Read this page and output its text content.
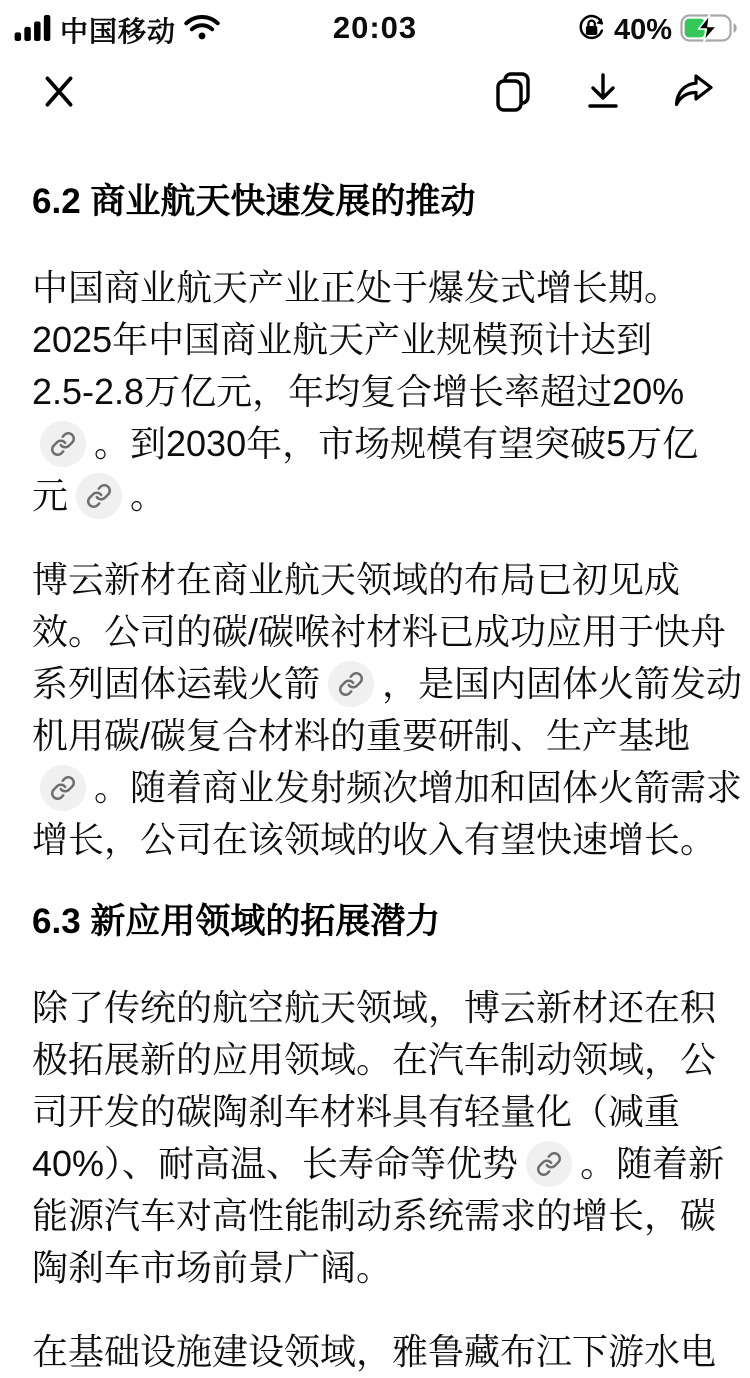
中国移动	20:03	40%
6.2 商业航天快速发展的推动
中国商业航天产业正处于爆发式增长期。
2025年中国商业航天产业规模预计达到
2.5-2.8万亿元，年均复合增长率超过20%
。到2030年，市场规模有望突破5万亿
元 。
博云新材在商业航天领域的布局已初见成
效。公司的碳/碳喉衬材料已成功应用于快舟
系列固体运载火箭 ，是国内固体火箭发动
机用碳/碳复合材料的重要研制、生产基地
。随着商业发射频次增加和固体火箭需求
增长，公司在该领域的收入有望快速增长。
6.3 新应用领域的拓展潜力
除了传统的航空航天领域，博云新材还在积
极拓展新的应用领域。在汽车制动领域，公
司开发的碳陶刹车材料具有轻量化（减重
40%）、耐高温、长寿命等优势 。随着新
能源汽车对高性能制动系统需求的增长，碳
陶刹车市场前景广阔。
在基础设施建设领域，雅鲁藏布江下游水电
